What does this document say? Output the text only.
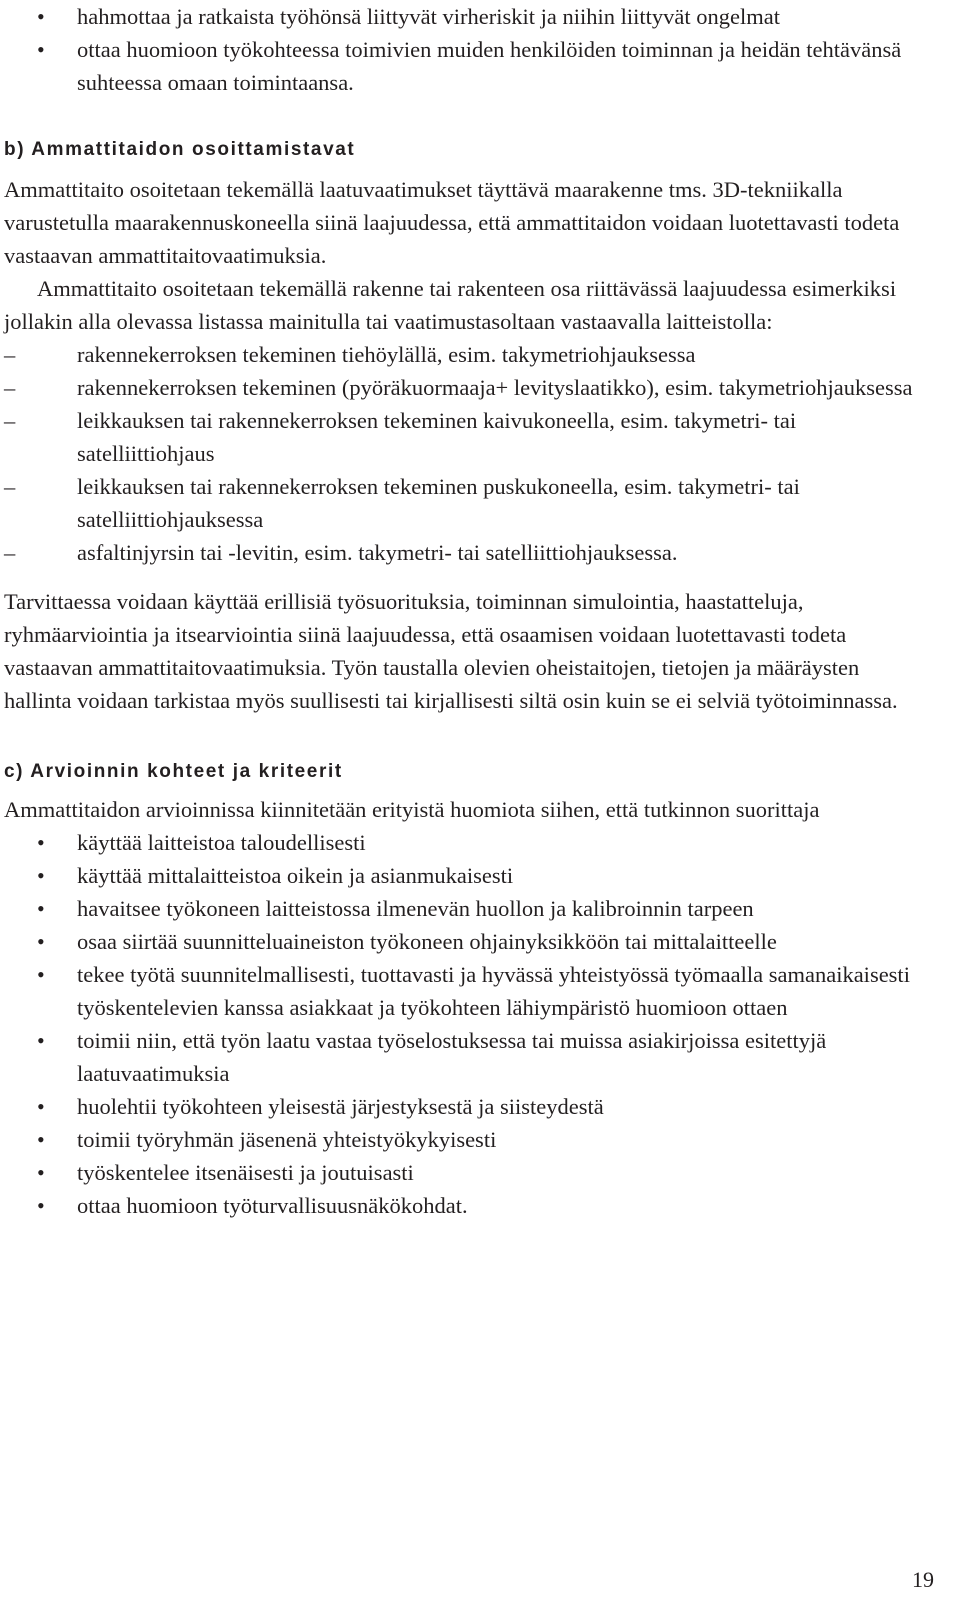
• hahmottaa ja ratkaista työhönsä liittyvät virheriskit ja niihin liittyvät ongelmat
• ottaa huomioon työkohteessa toimivien muiden henkilöiden toiminnan ja heidän tehtävänsä suhteessa omaan toimintaansa.
b) Ammattitaidon osoittamistavat

Ammattitaito osoitetaan tekemällä laatuvaatimukset täyttävä maarakenne tms. 3D-tekniikalla varustetulla maarakennuskoneella siinä laajuudessa, että ammattitaidon voidaan luotettavasti todeta vastaavan ammattitaitovaatimuksia.

Ammattitaito osoitetaan tekemällä rakenne tai rakenteen osa riittävässä laajuudessa esimerkiksi jollakin alla olevassa listassa mainitulla tai vaatimustasoltaan vastaavalla laitteistolla:

–	rakennekerroksen tekeminen tiehöylällä, esim. takymetriohjauksessa
–	rakennekerroksen tekeminen (pyöräkuormaaja+ levityslaatikko), esim. takymetriohjauksessa
–	leikkauksen tai rakennekerroksen tekeminen kaivukoneella, esim. takymetri- tai satelliittiohjaus
–	leikkauksen tai rakennekerroksen tekeminen puskukoneella, esim. takymetri- tai satelliittiohjauksessa
–	asfaltinjyrsin tai -levitin, esim. takymetri- tai satelliittiohjauksessa.

Tarvittaessa voidaan käyttää erillisiä työsuorituksia, toiminnan simulointia, haastatteluja, ryhmäarviointia ja itsearviointia siinä laajuudessa, että osaamisen voidaan luotettavasti todeta vastaavan ammattitaitovaatimuksia. Työn taustalla olevien oheistaitojen, tietojen ja määräysten hallinta voidaan tarkistaa myös suullisesti tai kirjallisesti siltä osin kuin se ei selviä työtoiminnassa.

c) Arvioinnin kohteet ja kriteerit

Ammattitaidon arvioinnissa kiinnitetään erityistä huomiota siihen, että tutkinnon suorittaja

• käyttää laitteistoa taloudellisesti
• käyttää mittalaitteistoa oikein ja asianmukaisesti
• havaitsee työkoneen laitteistossa ilmenevän huollon ja kalibroinnin tarpeen
• osaa siirtää suunnitteluaineiston työkoneen ohjainyksikköön tai mittalaitteelle
• tekee työtä suunnitelmallisesti, tuottavasti ja hyvässä yhteistyössä työmaalla samanaikaisesti työskentelevien kanssa asiakkaat ja työkohteen lähiympäristö huomioon ottaen
• toimii niin, että työn laatu vastaa työselostuksessa tai muissa asiakirjoissa esitettyjä laatuvaatimuksia
• huolehtii työkohteen yleisestä järjestyksestä ja siisteydestä
• toimii työryhmän jäsenenä yhteistyökykyisesti
• työskentelee itsenäisesti ja joutuisasti
• ottaa huomioon työturvallisuusnäkökohdat.
19
